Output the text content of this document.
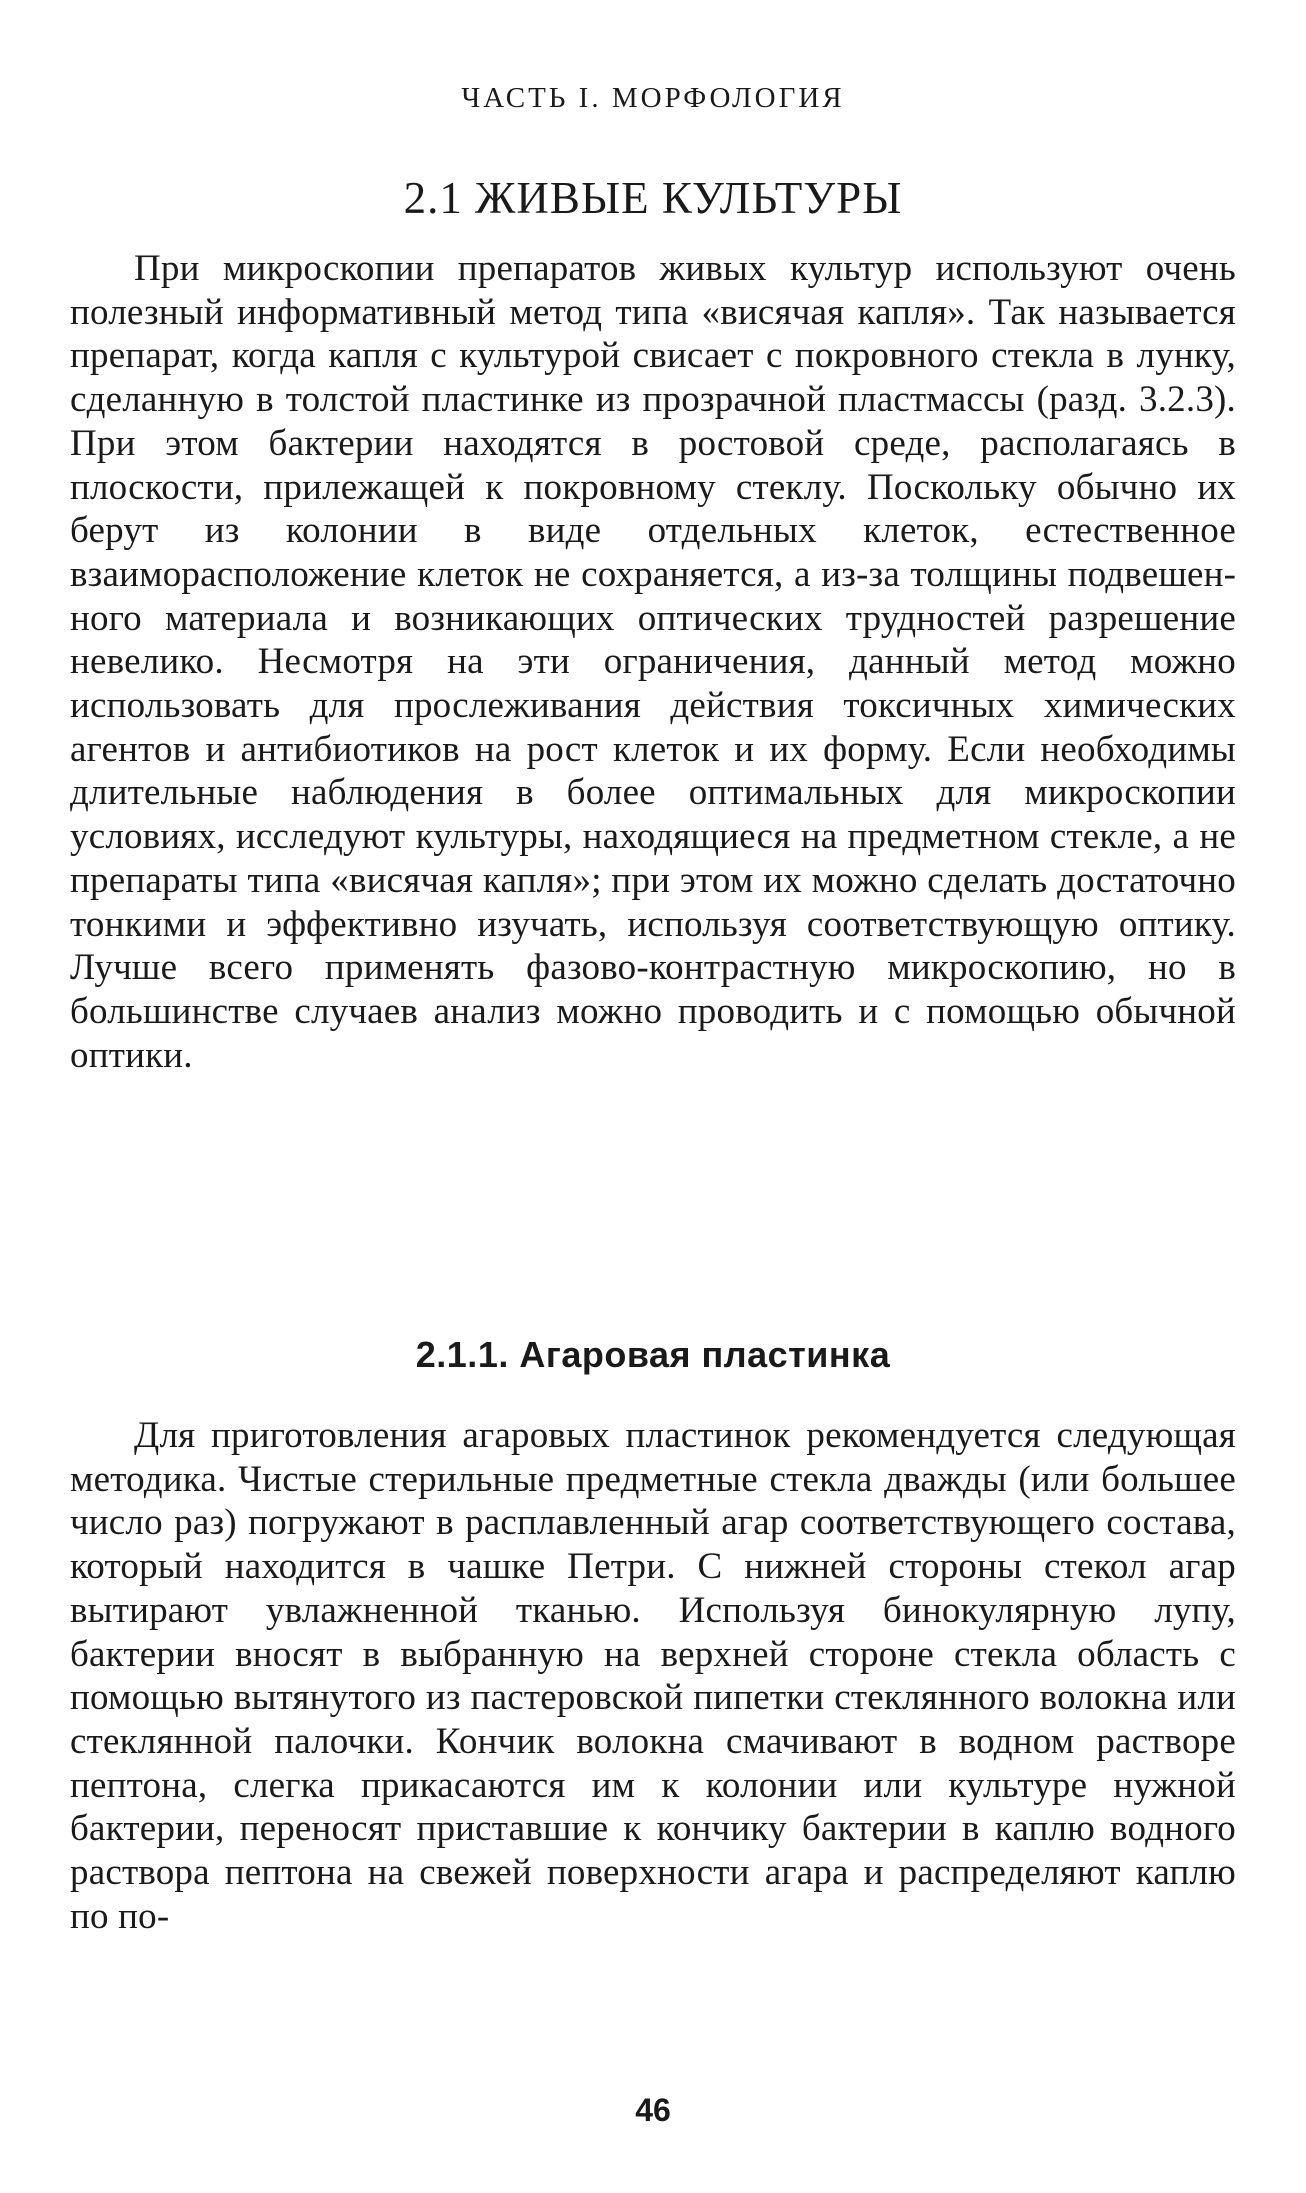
ЧАСТЬ I. МОРФОЛОГИЯ
2.1 ЖИВЫЕ КУЛЬТУРЫ

При микроскопии препаратов живых культур используют очень полезный информативный метод типа «висячая капля». Так называется препарат, когда капля с культурой свисает с покровного стекла в лунку, сделанную в толстой пластинке из прозрачной пластмассы (разд. 3.2.3). При этом бактерии находятся в ростовой среде, располагаясь в плоскости, прилежащей к покровному стеклу. Поскольку обычно их берут из колонии в виде отдельных клеток, естественное взаиморасположение клеток не сохраняется, а из-за толщины подвешенного материала и возникающих оптических трудностей разрешение невелико. Несмотря на эти ограничения, данный метод можно использовать для прослеживания действия токсичных химических агентов и антибиотиков на рост клеток и их форму. Если необходимы длительные наблюдения в более оптимальных для микроскопии условиях, исследуют культуры, находящиеся на предметном стекле, а не препараты типа «висячая капля»; при этом их можно сделать достаточно тонкими и эффективно изучать, используя соответствующую оптику. Лучше всего применять фазово-контрастную микроскопию, но в большинстве случаев анализ можно проводить и с помощью обычной оптики.

2.1.1. Агаровая пластинка

Для приготовления агаровых пластинок рекомендуется следующая методика. Чистые стерильные предметные стекла дважды (или большее число раз) погружают в расплавленный агар соответствующего состава, который находится в чашке Петри. С нижней стороны стекол агар вытирают увлажненной тканью. Используя бинокулярную лупу, бактерии вносят в выбранную на верхней стороне стекла область с помощью вытянутого из пастеровской пипетки стеклянного волокна или стеклянной палочки. Кончик волокна смачивают в водном растворе пептона, слегка прикасаются им к колонии или культуре нужной бактерии, переносят приставшие к кончику бактерии в каплю водного раствора пептона на свежей поверхности агара и распределяют каплю по по-

46
